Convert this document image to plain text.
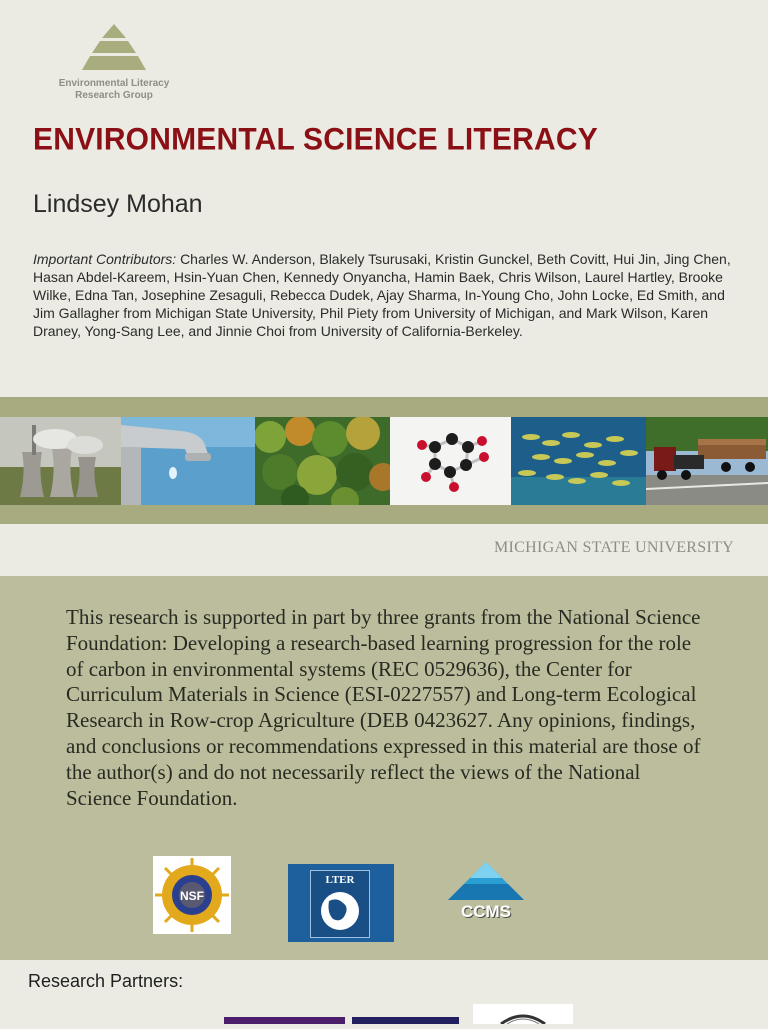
Environmental Literacy
Research Group
ENVIRONMENTAL SCIENCE LITERACY
Lindsey Mohan
Important Contributors: Charles W. Anderson, Blakely Tsurusaki, Kristin Gunckel, Beth Covitt, Hui Jin, Jing Chen, Hasan Abdel-Kareem, Hsin-Yuan Chen, Kennedy Onyancha, Hamin Baek, Chris Wilson, Laurel Hartley, Brooke Wilke, Edna Tan, Josephine Zesaguli, Rebecca Dudek, Ajay Sharma, In-Young Cho, John Locke, Ed Smith, and Jim Gallagher from Michigan State University, Phil Piety from University of Michigan, and Mark Wilson, Karen Draney, Yong-Sang Lee, and Jinnie Choi from University of California-Berkeley.
MICHIGAN STATE UNIVERSITY
This research is supported in part by three grants from the National Science Foundation: Developing a research-based learning progression for the role of carbon in environmental systems (REC 0529636), the Center for Curriculum Materials in Science (ESI-0227557) and Long-term Ecological Research in Row-crop Agriculture (DEB 0423627. Any opinions, findings, and conclusions or recommendations expressed in this material are those of the author(s) and do not necessarily reflect the views of the National Science Foundation.
NSF
LTER
CCMS
Research Partners:
